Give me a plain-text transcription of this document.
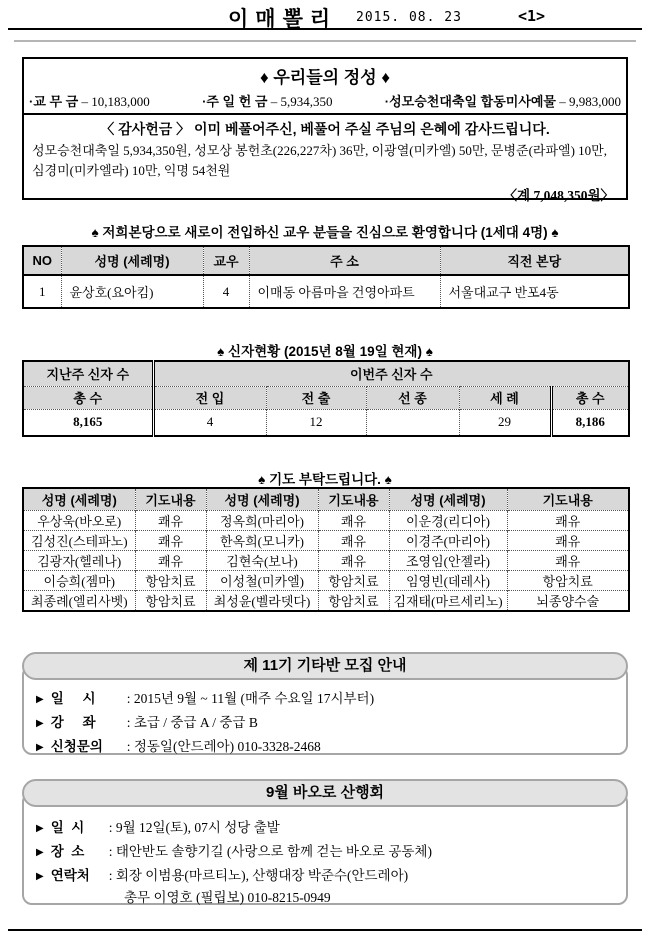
이매뽈리 2015. 08. 23	<1>
♦ 우리들의 정성 ♦
·교 무 금 – 10,183,000	·주 일 헌 금 – 5,934,350	·성모승천대축일 합동미사예물 – 9,983,000
〈 감사헌금 〉 이미 베풀어주신, 베풀어 주실 주님의 은혜에 감사드립니다.
성모승천대축일 5,934,350원, 성모상 봉헌초(226,227차) 36만, 이광열(미카엘) 50만, 문병준(라파엘) 10만, 심경미(미카엘라) 10만, 익명 54천원
〈계 7,048,350원〉
♠ 저희본당으로 새로이 전입하신 교우 분들을 진심으로 환영합니다 (1세대 4명) ♠
NO	성명 (세례명)	교우	주 소	직전 본당
1	윤상호(요아킴)	4	이매동 아름마을 건영아파트	서울대교구 반포4동
♠ 신자현황 (2015년 8월 19일 현재) ♠
지난주 신자 수	이번주 신자 수				
총 수	전 입	전 출	선 종	세 례	총 수
8,165	4	12		29	8,186
♠ 기도 부탁드립니다. ♠
성명 (세례명)	기도내용	성명 (세례명)	기도내용	성명 (세례명)	기도내용
우상욱(바오로)	쾌유	정옥희(마리아)	쾌유	이운경(리디아)	쾌유
김성진(스테파노)	쾌유	한옥희(모니카)	쾌유	이경주(마리아)	쾌유
김광자(헬레나)	쾌유	김현숙(보나)	쾌유	조영임(안젤라)	쾌유
이승희(젬마)	항암치료	이성철(미카엘)	항암치료	임영빈(데레사)	항암치료
최종례(엘리사벳)	항암치료	최성윤(벨라뎃다)	항암치료	김재태(마르세리노)	뇌종양수술
제 11기 기타반 모집 안내
▶ 일     시	: 2015년 9월 ~ 11월 (매주 수요일 17시부터)
▶ 강     좌	: 초급 / 중급 A / 중급 B
▶ 신청문의	: 정동일(안드레아) 010-3328-2468
9월 바오로 산행회
▶ 일  시	: 9월 12일(토), 07시 성당 출발
▶ 장  소	: 태안반도 솔향기길 (사랑으로 함께 걷는 바오로 공동체)
▶ 연락처	: 회장 이범용(마르티노), 산행대장 박준수(안드레아)
총무 이영호 (필립보) 010-8215-0949
